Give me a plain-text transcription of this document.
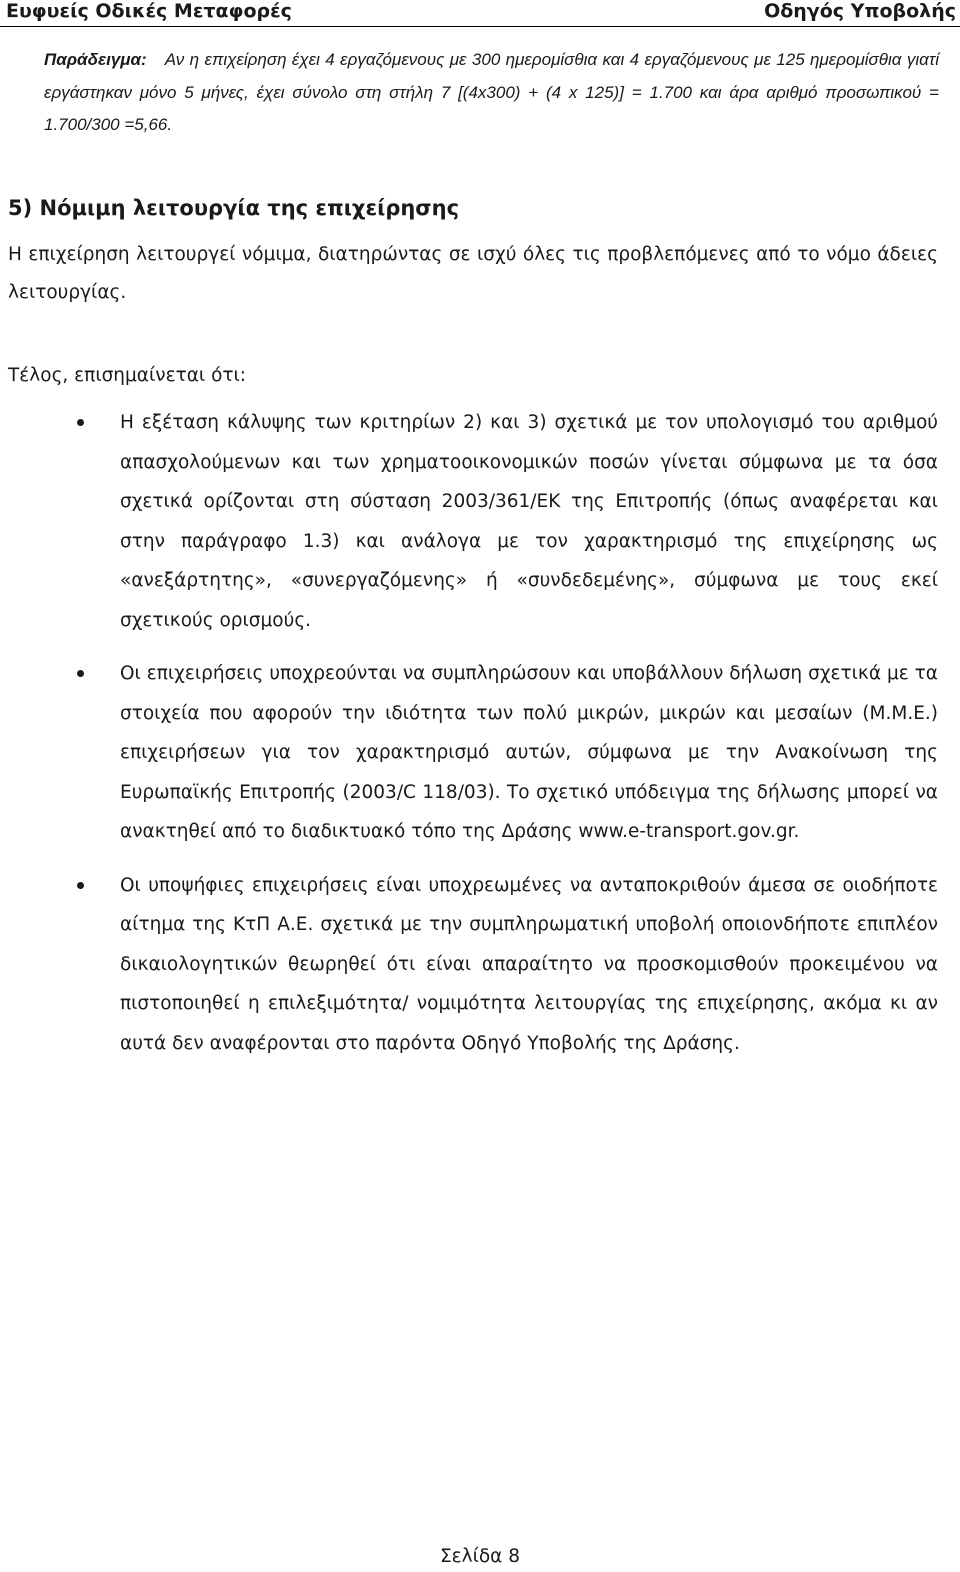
Ευφυείς Οδικές Μεταφορές	Οδηγός Υποβολής
Παράδειγμα: Αν η επιχείρηση έχει 4 εργαζόμενους με 300 ημερομίσθια και 4 εργαζόμενους με 125 ημερομίσθια γιατί εργάστηκαν μόνο 5 μήνες, έχει σύνολο στη στήλη 7 [(4x300) + (4 x 125)] = 1.700 και άρα αριθμό προσωπικού = 1.700/300 =5,66.
5) Νόμιμη λειτουργία της επιχείρησης
Η επιχείρηση λειτουργεί νόμιμα, διατηρώντας σε ισχύ όλες τις προβλεπόμενες από το νόμο άδειες λειτουργίας.
Τέλος, επισημαίνεται ότι:
Η εξέταση κάλυψης των κριτηρίων 2) και 3) σχετικά με τον υπολογισμό του αριθμού απασχολούμενων και των χρηματοοικονομικών ποσών γίνεται σύμφωνα με τα όσα σχετικά ορίζονται στη σύσταση 2003/361/ΕΚ της Επιτροπής (όπως αναφέρεται και στην παράγραφο 1.3) και ανάλογα με τον χαρακτηρισμό της επιχείρησης ως «ανεξάρτητης», «συνεργαζόμενης» ή «συνδεδεμένης», σύμφωνα με τους εκεί σχετικούς ορισμούς.
Οι επιχειρήσεις υποχρεούνται να συμπληρώσουν και υποβάλλουν δήλωση σχετικά με τα στοιχεία που αφορούν την ιδιότητα των πολύ μικρών, μικρών και μεσαίων (Μ.Μ.Ε.) επιχειρήσεων για τον χαρακτηρισμό αυτών, σύμφωνα με την Ανακοίνωση της Ευρωπαϊκής Επιτροπής (2003/C 118/03). Το σχετικό υπόδειγμα της δήλωσης μπορεί να ανακτηθεί από το διαδικτυακό τόπο της Δράσης www.e-transport.gov.gr.
Οι υποψήφιες επιχειρήσεις είναι υποχρεωμένες να ανταποκριθούν άμεσα σε οιοδήποτε αίτημα της ΚτΠ Α.Ε. σχετικά με την συμπληρωματική υποβολή οποιονδήποτε επιπλέον δικαιολογητικών θεωρηθεί ότι είναι απαραίτητο να προσκομισθούν προκειμένου να πιστοποιηθεί η επιλεξιμότητα/ νομιμότητα λειτουργίας της επιχείρησης, ακόμα κι αν αυτά δεν αναφέρονται στο παρόντα Οδηγό Υποβολής της Δράσης.
Σελίδα 8
